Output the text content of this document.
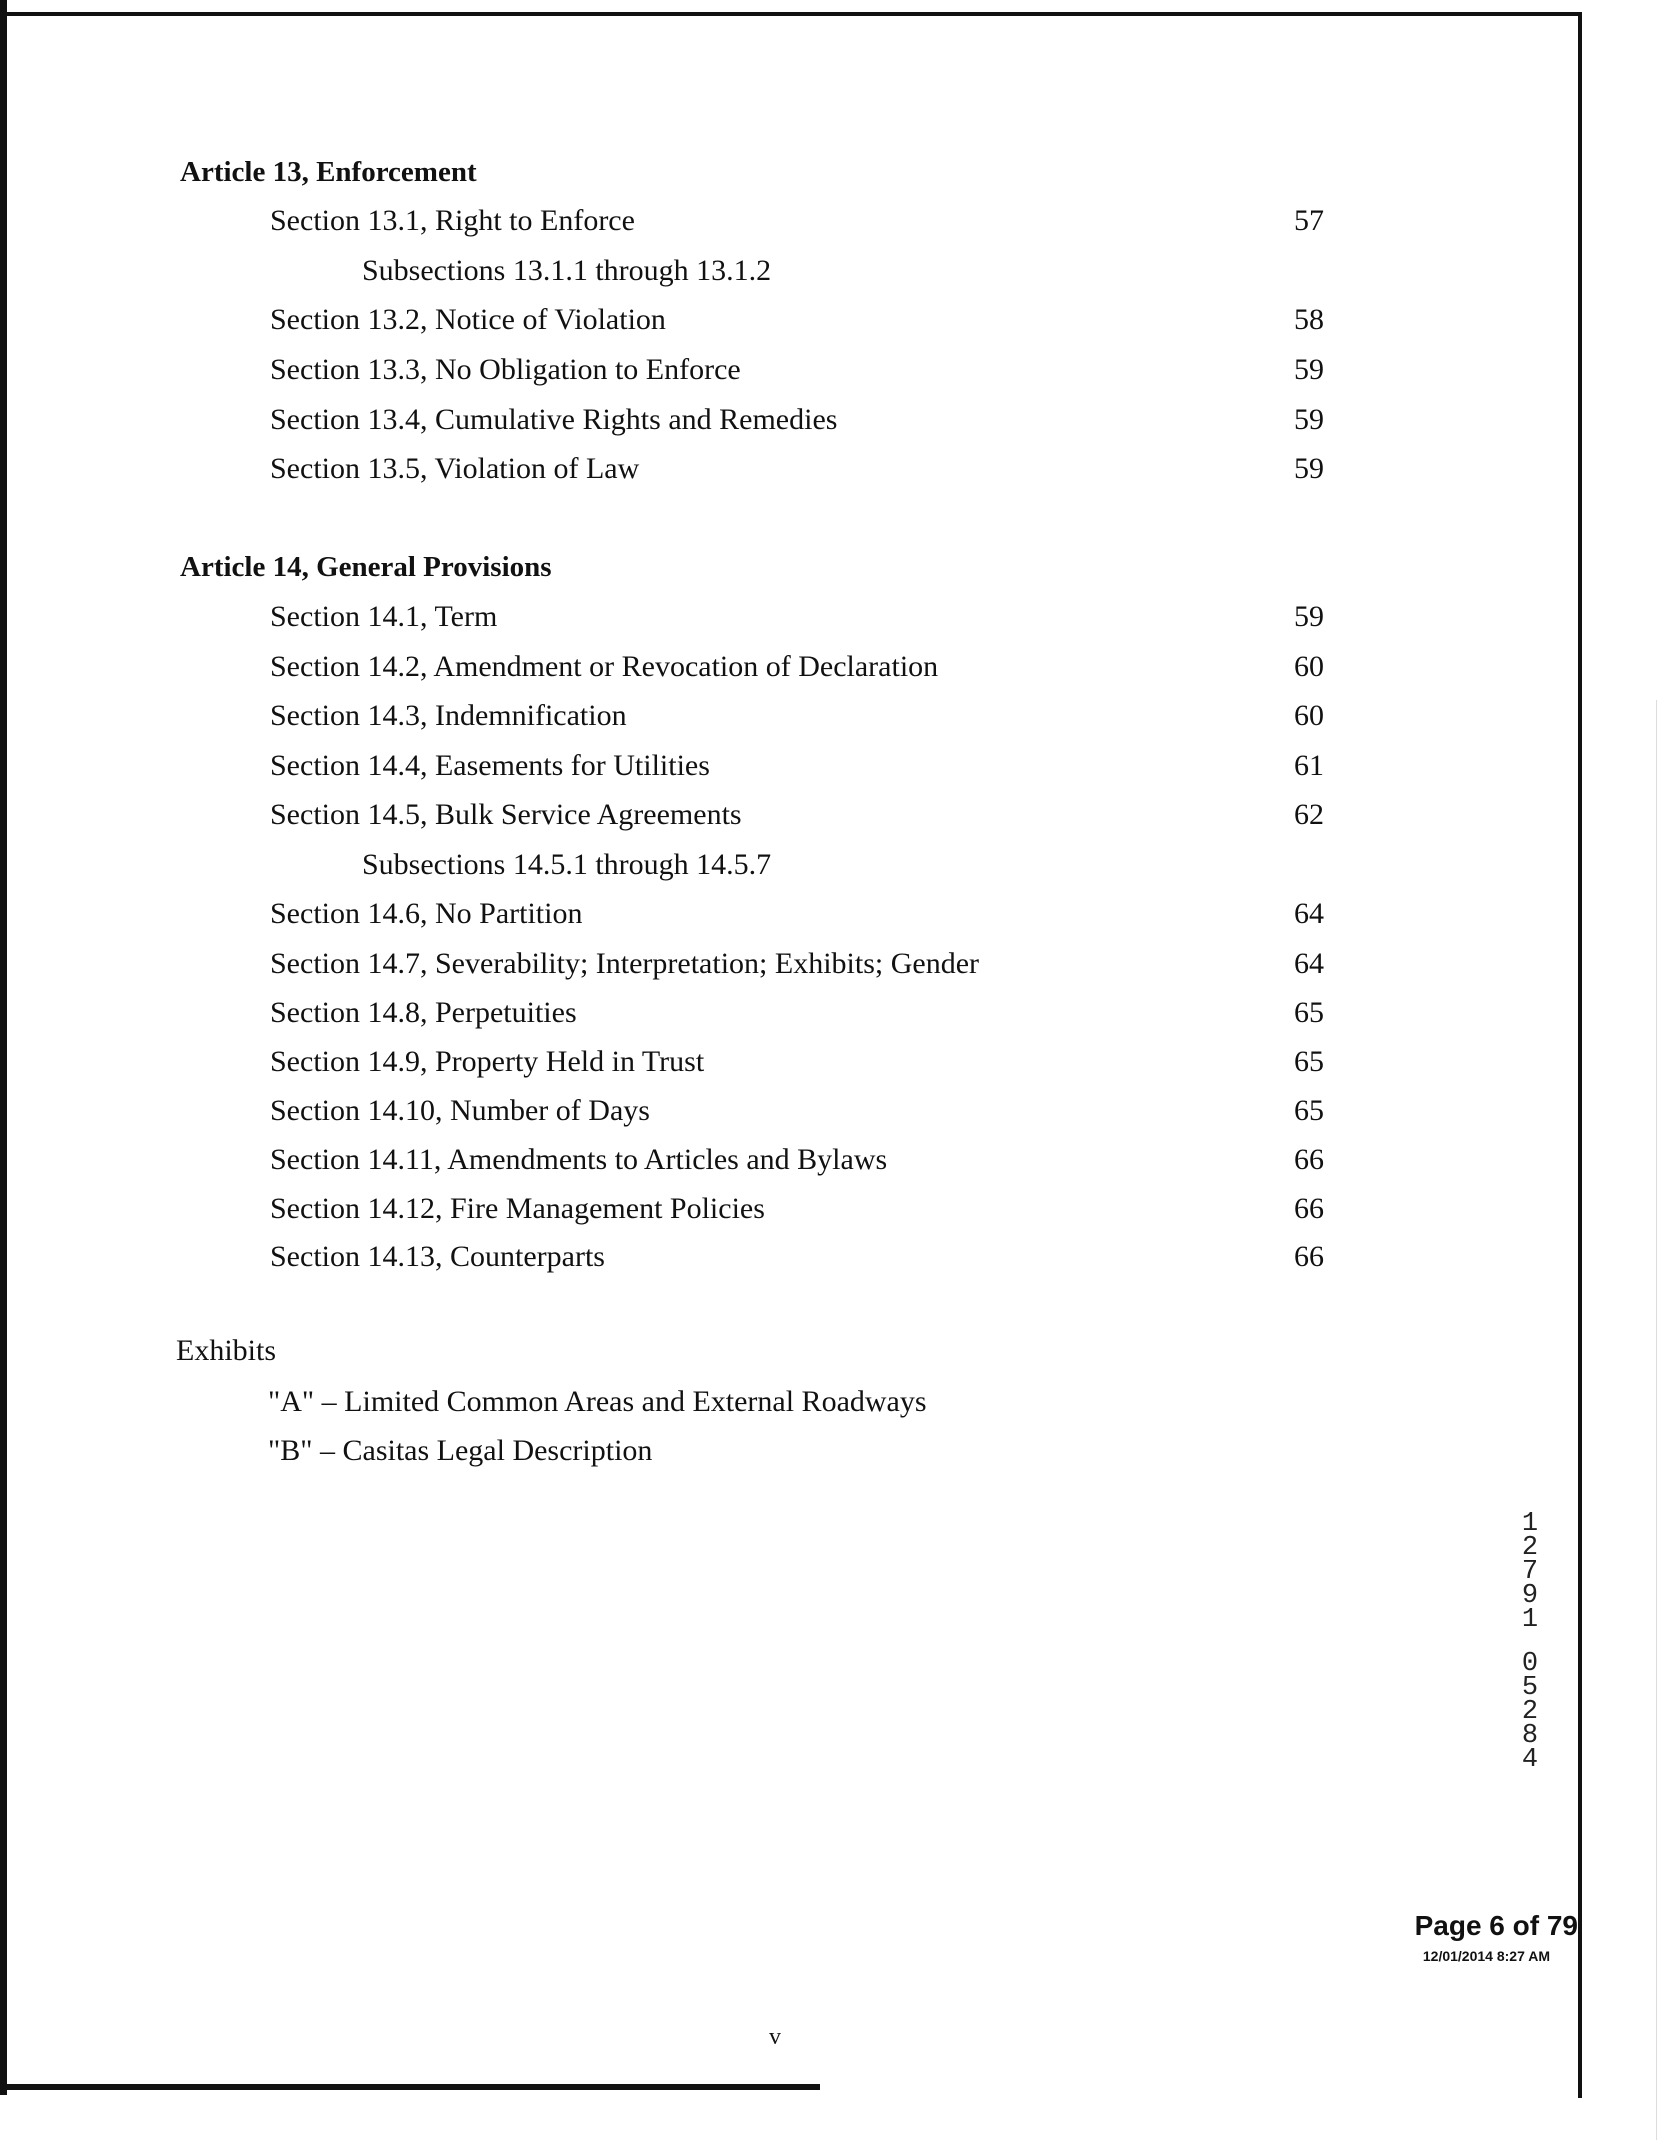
Article 13, Enforcement
Section 13.1, Right to Enforce	57
Subsections 13.1.1 through 13.1.2
Section 13.2, Notice of Violation	58
Section 13.3, No Obligation to Enforce	59
Section 13.4, Cumulative Rights and Remedies	59
Section 13.5, Violation of Law	59
Article 14, General Provisions
Section 14.1, Term	59
Section 14.2, Amendment or Revocation of Declaration	60
Section 14.3, Indemnification	60
Section 14.4, Easements for Utilities	61
Section 14.5, Bulk Service Agreements	62
Subsections 14.5.1 through 14.5.7
Section 14.6, No Partition	64
Section 14.7, Severability; Interpretation; Exhibits; Gender	64
Section 14.8, Perpetuities	65
Section 14.9, Property Held in Trust	65
Section 14.10, Number of Days	65
Section 14.11, Amendments to Articles and Bylaws	66
Section 14.12, Fire Management Policies	66
Section 14.13, Counterparts	66
Exhibits
"A" – Limited Common Areas and External Roadways
"B" – Casitas Legal Description
1
2
7
9
1

0
5
2
8
4
Page 6 of 79
12/01/2014 8:27 AM
v
